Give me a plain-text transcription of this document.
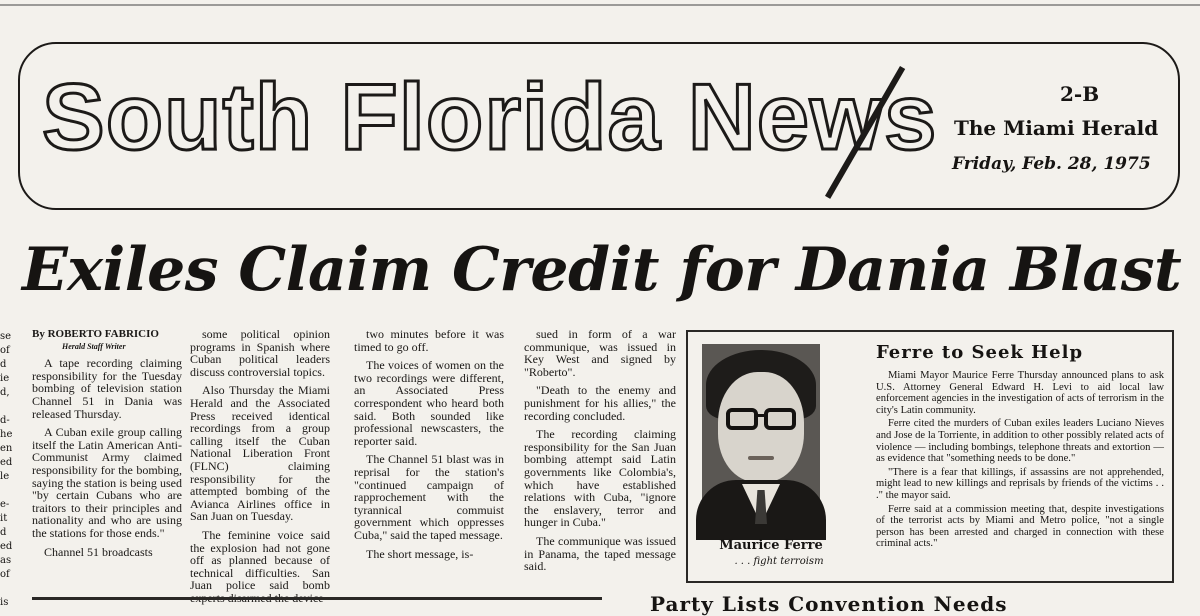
South Florida News	2-B
The Miami Herald
Friday, Feb. 28, 1975
se
of
d
ie
d,

d-
he
en
ed
le

e-
it
d
ed
as
of

is
Exiles Claim Credit for Dania Blast

By ROBERTO FABRICIO

Herald Staff Writer

A tape recording claiming responsibility for the Tuesday bombing of television station Channel 51 in Dania was released Thursday.

A Cuban exile group calling itself the Latin American Anti-Communist Army claimed responsibility for the bombing, saying the station is being used "by certain Cubans who are traitors to their principles and nationality and who are using the stations for those ends."

Channel 51 broadcasts

some political opinion programs in Spanish where Cuban political leaders discuss controversial topics.

Also Thursday the Miami Herald and the Associated Press received identical recordings from a group calling itself the Cuban National Liberation Front (FLNC) claiming responsibility for the attempted bombing of the Avianca Airlines office in San Juan on Tuesday.

The feminine voice said the explosion had not gone off as planned because of technical difficulties. San Juan police said bomb

two minutes before it was timed to go off.

The voices of women on the two recordings were different, an Associated Press correspondent who heard both said. Both sounded like professional newscasters, the reporter said.

The Channel 51 blast was in reprisal for the station's "continued campaign of rapprochement with the tyrannical commuist government which oppresses Cuba," said the taped message.

The short message, is-

sued in form of a war communique, was issued in Key West and signed by "Roberto".

"Death to the enemy and punishment for his allies," the recording concluded.

The recording claiming responsibility for the San Juan bombing attempt said Latin governments like Colombia's, which have established relations with Cuba, "ignore the enslavery, terror and hunger in Cuba."

The communique was issued in Panama, the taped message said.

Maurice Ferre
. . . fight terroism
Ferre to Seek Help

Miami Mayor Maurice Ferre Thursday announced plans to ask U.S. Attorney General Edward H. Levi to aid local law enforcement agencies in the investigation of acts of terrorism in the city's Latin community.

Ferre cited the murders of Cuban exiles leaders Luciano Nieves and Jose de la Torriente, in addition to other possibly related acts of violence — including bombings, telephone threats and extortion — as evidence that "something needs to be done."

"There is a fear that killings, if assassins are not apprehended, might lead to new killings and reprisals by friends of the victims . . ." the mayor said.

Ferre said at a commission meeting that, despite investigations of the terrorist acts by Miami and Metro police, "not a single person has been arrested and charged in connection with these criminal acts."

Party Lists Convention Needs
